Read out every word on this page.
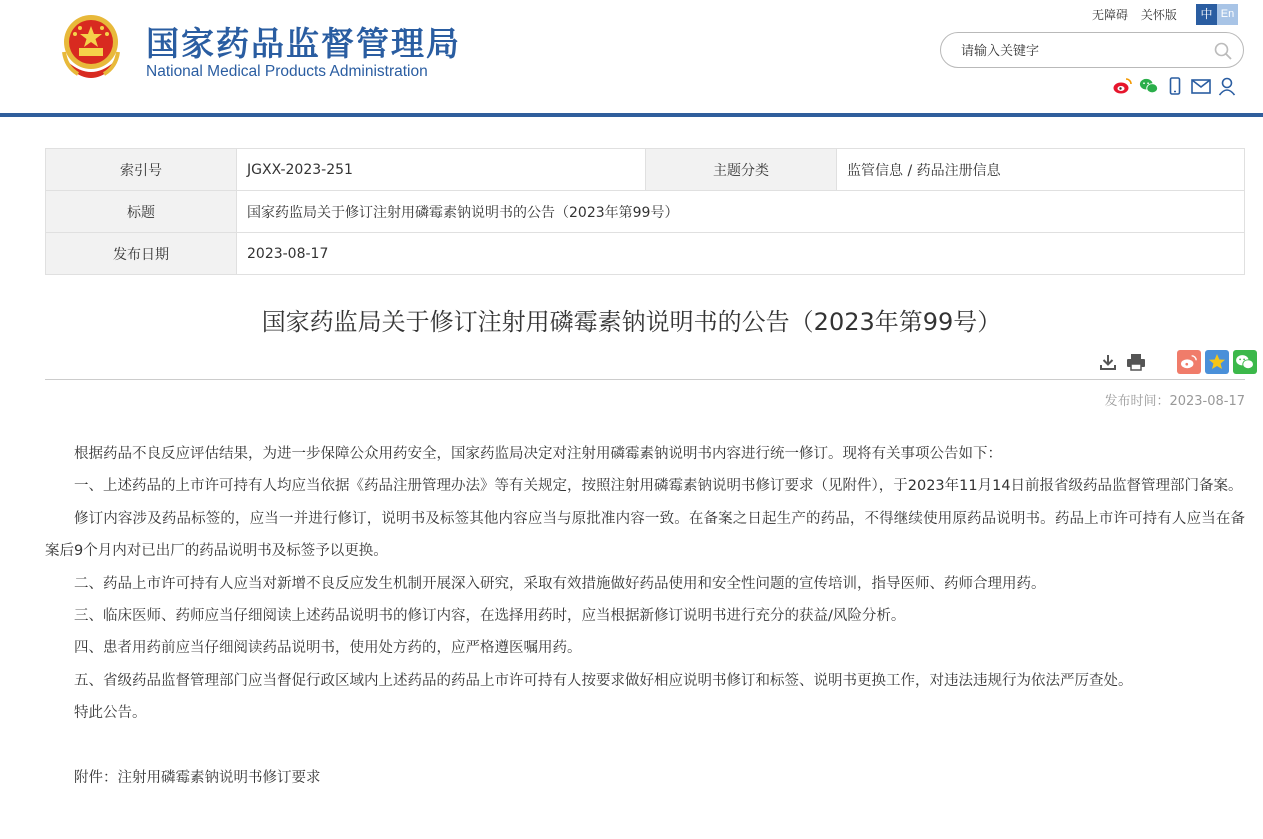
国家药品监督管理局
National Medical Products Administration
无障碍 关怀版	中 En
请输入关键字
索引号	JGXX-2023-251	主题分类	监管信息 / 药品注册信息
标题	国家药监局关于修订注射用磷霉素钠说明书的公告（2023年第99号）		
发布日期	2023-08-17		
国家药监局关于修订注射用磷霉素钠说明书的公告（2023年第99号）
发布时间：2023-08-17

根据药品不良反应评估结果，为进一步保障公众用药安全，国家药监局决定对注射用磷霉素钠说明书内容进行统一修订。现将有关事项公告如下：

一、上述药品的上市许可持有人均应当依据《药品注册管理办法》等有关规定，按照注射用磷霉素钠说明书修订要求（见附件），于2023年11月14日前报省级药品监督管理部门备案。

修订内容涉及药品标签的，应当一并进行修订，说明书及标签其他内容应当与原批准内容一致。在备案之日起生产的药品，不得继续使用原药品说明书。药品上市许可持有人应当在备案后9个月内对已出厂的药品说明书及标签予以更换。

二、药品上市许可持有人应当对新增不良反应发生机制开展深入研究，采取有效措施做好药品使用和安全性问题的宣传培训，指导医师、药师合理用药。

三、临床医师、药师应当仔细阅读上述药品说明书的修订内容，在选择用药时，应当根据新修订说明书进行充分的获益/风险分析。

四、患者用药前应当仔细阅读药品说明书，使用处方药的，应严格遵医嘱用药。

五、省级药品监督管理部门应当督促行政区域内上述药品的药品上市许可持有人按要求做好相应说明书修订和标签、说明书更换工作，对违法违规行为依法严厉查处。

特此公告。

附件：注射用磷霉素钠说明书修订要求
